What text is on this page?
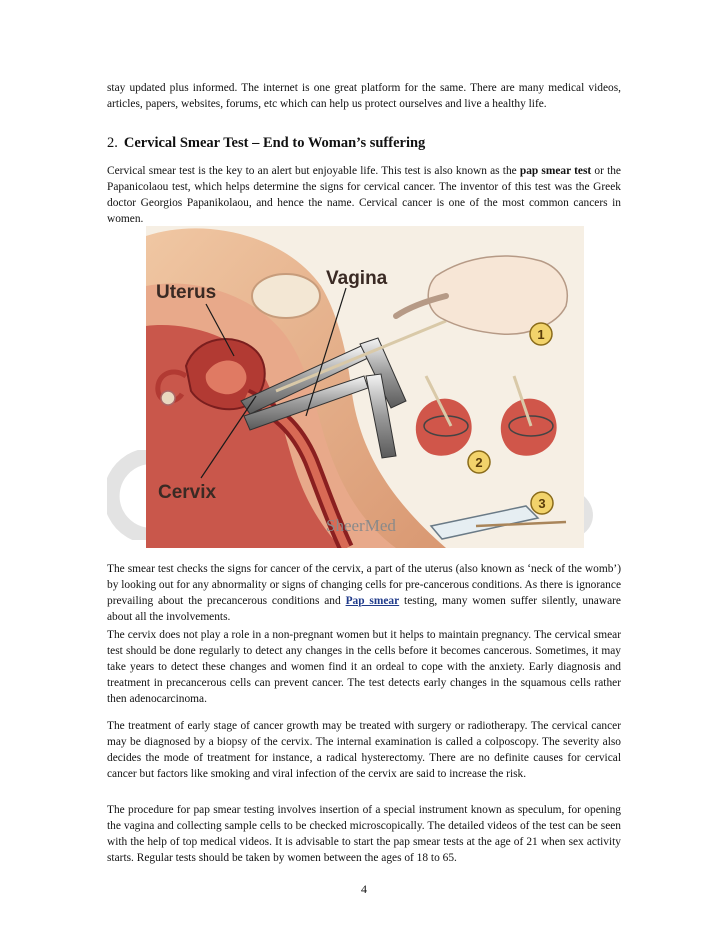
stay updated plus informed. The internet is one great platform for the same. There are many medical videos, articles, papers, websites, forums, etc which can help us protect ourselves and live a healthy life.

2. Cervical Smear Test – End to Woman’s suffering

Cervical smear test is the key to an alert but enjoyable life. This test is also known as the pap smear test or the Papanicolaou test, which helps determine the signs for cervical cancer. The inventor of this test was the Greek doctor Georgios Papanikolaou, and hence the name. Cervical cancer is one of the most common cancers in women.

1
2
3
Uterus
Vagina
Cervix
SheerMed

The smear test checks the signs for cancer of the cervix, a part of the uterus (also known as ‘neck of the womb’) by looking out for any abnormality or signs of changing cells for pre-cancerous conditions. As there is ignorance prevailing about the precancerous conditions and Pap smear testing, many women suffer silently, unaware about all the involvements.

The cervix does not play a role in a non-pregnant women but it helps to maintain pregnancy. The cervical smear test should be done regularly to detect any changes in the cells before it becomes cancerous. Sometimes, it may take years to detect these changes and women find it an ordeal to cope with the anxiety. Early diagnosis and treatment in precancerous cells can prevent cancer. The test detects early changes in the squamous cells rather then adenocarcinoma.

The treatment of early stage of cancer growth may be treated with surgery or radiotherapy. The cervical cancer may be diagnosed by a biopsy of the cervix. The internal examination is called a colposcopy. The severity also decides the mode of treatment for instance, a radical hysterectomy. There are no definite causes for cervical cancer but factors like smoking and viral infection of the cervix are said to increase the risk.

The procedure for pap smear testing involves insertion of a special instrument known as speculum, for opening the vagina and collecting sample cells to be checked microscopically. The detailed videos of the test can be seen with the help of top medical videos. It is advisable to start the pap smear tests at the age of 21 when sex activity starts. Regular tests should be taken by women between the ages of 18 to 65.

4
